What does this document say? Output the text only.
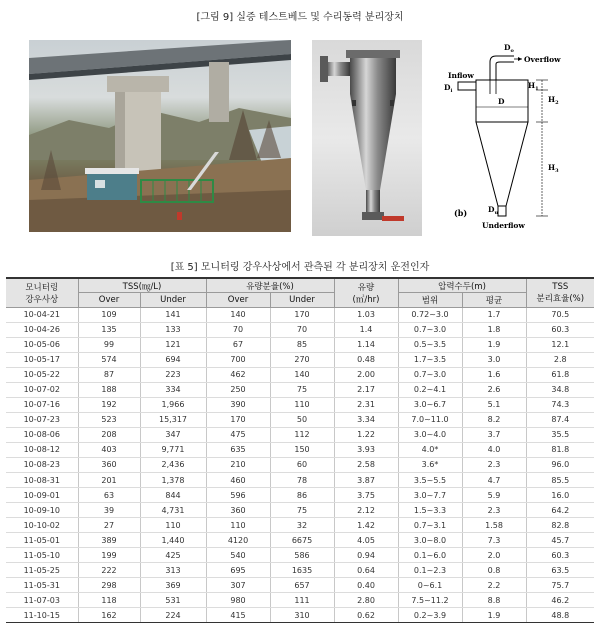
[그림 9] 실증 테스트베드 및 수리동력 분리장치
$D_o$
Overflow
Inflow
$D_i$
$H_1$
$H_2$
$H_3$
D
$D_u$
Underflow
(b)
[표 5] 모니터링 강우사상에서 관측된 각 분리장치 운전인자
모니터링
강우사상	TSS(㎎/L)		유량분율(%)		유량
(㎥/hr)	압력수두(m)		TSS
분리효율(%)
	Over	Under	Over	Under		범위	평균	
10-04-21	109	141	140	170	1.03	0.72~3.0	1.7	70.5
10-04-26	135	133	70	70	1.4	0.7~3.0	1.8	60.3
10-05-06	99	121	67	85	1.14	0.5~3.5	1.9	12.1
10-05-17	574	694	700	270	0.48	1.7~3.5	3.0	2.8
10-05-22	87	223	462	140	2.00	0.7~3.0	1.6	61.8
10-07-02	188	334	250	75	2.17	0.2~4.1	2.6	34.8
10-07-16	192	1,966	390	110	2.31	3.0~6.7	5.1	74.3
10-07-23	523	15,317	170	50	3.34	7.0~11.0	8.2	87.4
10-08-06	208	347	475	112	1.22	3.0~4.0	3.7	35.5
10-08-12	403	9,771	635	150	3.93	4.0*	4.0	81.8
10-08-23	360	2,436	210	60	2.58	3.6*	2.3	96.0
10-08-31	201	1,378	460	78	3.87	3.5~5.5	4.7	85.5
10-09-01	63	844	596	86	3.75	3.0~7.7	5.9	16.0
10-09-10	39	4,731	360	75	2.12	1.5~3.3	2.3	64.2
10-10-02	27	110	110	32	1.42	0.7~3.1	1.58	82.8
11-05-01	389	1,440	4120	6675	4.05	3.0~8.0	7.3	45.7
11-05-10	199	425	540	586	0.94	0.1~6.0	2.0	60.3
11-05-25	222	313	695	1635	0.64	0.1~2.3	0.8	63.5
11-05-31	298	369	307	657	0.40	0~6.1	2.2	75.7
11-07-03	118	531	980	111	2.80	7.5~11.2	8.8	46.2
11-10-15	162	224	415	310	0.62	0.2~3.9	1.9	48.8
